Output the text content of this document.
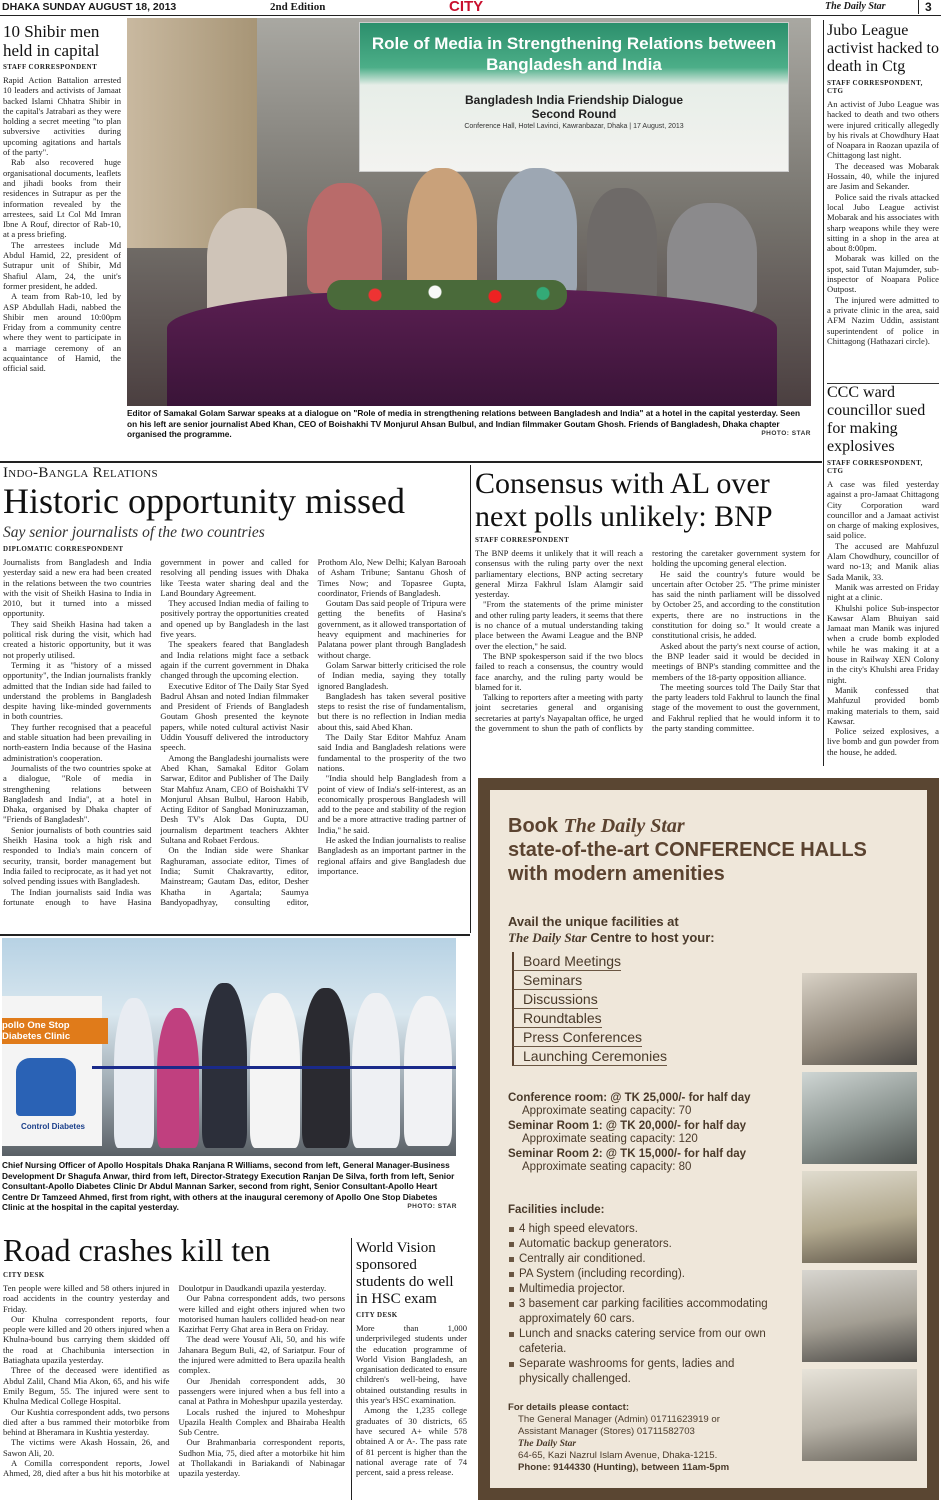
DHAKA SUNDAY AUGUST 18, 2013	2nd Edition	CITY	The Daily Star	3
10 Shibir men held in capital
STAFF CORRESPONDENT

Rapid Action Battalion arrested 10 leaders and activists of Jamaat backed Islami Chhatra Shibir in the capital's Jatrabari as they were holding a secret meeting "to plan subversive activities during upcoming agitations and hartals of the party".

Rab also recovered huge organisational documents, leaflets and jihadi books from their residences in Sutrapur as per the information revealed by the arrestees, said Lt Col Md Imran Ibne A Rouf, director of Rab-10, at a press briefing.

The arrestees include Md Abdul Hamid, 22, president of Sutrapur unit of Shibir, Md Shafiul Alam, 24, the unit's former president, he added.

A team from Rab-10, led by ASP Abdullah Hadi, nabbed the Shibir men around 10:00pm Friday from a community centre where they went to participate in a marriage ceremony of an acquaintance of Hamid, the official said.

Role of Media in Strengthening Relations between Bangladesh and India
Bangladesh India Friendship Dialogue
Second Round
Conference Hall, Hotel Lavinci, Kawranbazar, Dhaka | 17 August, 2013
Editor of Samakal Golam Sarwar speaks at a dialogue on "Role of media in strengthening relations between Bangladesh and India" at a hotel in the capital yesterday. Seen on his left are senior journalist Abed Khan, CEO of Boishakhi TV Monjurul Ahsan Bulbul, and Indian filmmaker Goutam Ghosh. Friends of Bangladesh, Dhaka chapter organised the programme.	PHOTO: STAR
Jubo League activist hacked to death in Ctg
STAFF CORRESPONDENT, CTG

An activist of Jubo League was hacked to death and two others were injured critically allegedly by his rivals at Chowdhury Haat of Noapara in Raozan upazila of Chittagong last night.

The deceased was Mobarak Hossain, 40, while the injured are Jasim and Sekander.

Police said the rivals attacked local Jubo League activist Mobarak and his associates with sharp weapons while they were sitting in a shop in the area at about 8:00pm.

Mobarak was killed on the spot, said Tutan Majumder, sub-inspector of Noapara Police Outpost.

The injured were admitted to a private clinic in the area, said AFM Nazim Uddin, assistant superintendent of police in Chittagong (Hathazari circle).

CCC ward councillor sued for making explosives
STAFF CORRESPONDENT, CTG

A case was filed yesterday against a pro-Jamaat Chittagong City Corporation ward councillor and a Jamaat activist on charge of making explosives, said police.

The accused are Mahfuzul Alam Chowdhury, councillor of ward no-13; and Manik alias Sada Manik, 33.

Manik was arrested on Friday night at a clinic.

Khulshi police Sub-inspector Kawsar Alam Bhuiyan said Jamaat man Manik was injured when a crude bomb exploded while he was making it at a house in Railway XEN Colony in the city's Khulshi area Friday night.

Manik confessed that Mahfuzul provided bomb making materials to them, said Kawsar.

Police seized explosives, a live bomb and gun powder from the house, he added.

Indo-Bangla Relations
Historic opportunity missed
Say senior journalists of the two countries
DIPLOMATIC CORRESPONDENT

Journalists from Bangladesh and India yesterday said a new era had been created in the relations between the two countries with the visit of Sheikh Hasina to India in 2010, but it turned into a missed opportunity.

They said Sheikh Hasina had taken a political risk during the visit, which had created a historic opportunity, but it was not properly utilised.

Terming it as "history of a missed opportunity", the Indian journalists frankly admitted that the Indian side had failed to understand the problems in Bangladesh despite having like-minded governments in both countries.

They further recognised that a peaceful and stable situation had been prevailing in north-eastern India because of the Hasina administration's cooperation.

Journalists of the two countries spoke at a dialogue, "Role of media in strengthening relations between Bangladesh and India", at a hotel in Dhaka, organised by Dhaka chapter of "Friends of Bangladesh".

Senior journalists of both countries said Sheikh Hasina took a high risk and responded to India's main concern of security, transit, border management but India failed to reciprocate, as it had yet not solved pending issues with Bangladesh.

The Indian journalists said India was fortunate enough to have Hasina government in power and called for resolving all pending issues with Dhaka like Teesta water sharing deal and the Land Boundary Agreement.

They accused Indian media of failing to positively portray the opportunities created and opened up by Bangladesh in the last five years.

The speakers feared that Bangladesh and India relations might face a setback again if the current government in Dhaka changed through the upcoming election.

Executive Editor of The Daily Star Syed Badrul Ahsan and noted Indian filmmaker and President of Friends of Bangladesh Goutam Ghosh presented the keynote papers, while noted cultural activist Nasir Uddin Yousuff delivered the introductory speech.

Among the Bangladeshi journalists were Abed Khan, Samakal Editor Golam Sarwar, Editor and Publisher of The Daily Star Mahfuz Anam, CEO of Boishakhi TV Monjurul Ahsan Bulbul, Haroon Habib, Acting Editor of Sangbad Moniruzzaman, Desh TV's Alok Das Gupta, DU journalism department teachers Akhter Sultana and Robaet Ferdous.

On the Indian side were Shankar Raghuraman, associate editor, Times of India; Sumit Chakravartty, editor, Mainstream; Gautam Das, editor, Desher Khatha in Agartala; Saumya Bandyopadhyay, consulting editor, Prothom Alo, New Delhi; Kalyan Barooah of Asham Tribune; Santanu Ghosh of Times Now; and Topasree Gupta, coordinator, Friends of Bangladesh.

Goutam Das said people of Tripura were getting the benefits of Hasina's government, as it allowed transportation of heavy equipment and machineries for Palatana power plant through Bangladesh without charge.

Golam Sarwar bitterly criticised the role of Indian media, saying they totally ignored Bangladesh.

Bangladesh has taken several positive steps to resist the rise of fundamentalism, but there is no reflection in Indian media about this, said Abed Khan.

The Daily Star Editor Mahfuz Anam said India and Bangladesh relations were fundamental to the prosperity of the two nations.

"India should help Bangladesh from a point of view of India's self-interest, as an economically prosperous Bangladesh will add to the peace and stability of the region and be a more attractive trading partner of India," he said.

He asked the Indian journalists to realise Bangladesh as an important partner in the regional affairs and give Bangladesh due importance.

Consensus with AL over next polls unlikely: BNP
STAFF CORRESPONDENT

The BNP deems it unlikely that it will reach a consensus with the ruling party over the next parliamentary elections, BNP acting secretary general Mirza Fakhrul Islam Alamgir said yesterday.

"From the statements of the prime minister and other ruling party leaders, it seems that there is no chance of a mutual understanding taking place between the Awami League and the BNP over the election," he said.

The BNP spokesperson said if the two blocs failed to reach a consensus, the country would face anarchy, and the ruling party would be blamed for it.

Talking to reporters after a meeting with party joint secretaries general and organising secretaries at party's Nayapaltan office, he urged the government to shun the path of conflicts by restoring the caretaker government system for holding the upcoming general election.

He said the country's future would be uncertain after October 25. "The prime minister has said the ninth parliament will be dissolved by October 25, and according to the constitution experts, there are no instructions in the constitution for doing so." It would create a constitutional crisis, he added.

Asked about the party's next course of action, the BNP leader said it would be decided in meetings of BNP's standing committee and the members of the 18-party opposition alliance.

The meeting sources told The Daily Star that the party leaders told Fakhrul to launch the final stage of the movement to oust the government, and Fakhrul replied that he would inform it to the party standing committee.

Book The Daily Star
state-of-the-art CONFERENCE HALLS
with modern amenities
Avail the unique facilities at
The Daily Star Centre to host your:
Board Meetings
Seminars
Discussions
Roundtables
Press Conferences
Launching Ceremonies
Conference room: @ TK 25,000/- for half day
Approximate seating capacity: 70
Seminar Room 1: @ TK 20,000/- for half day
Approximate seating capacity: 120
Seminar Room 2: @ TK 15,000/- for half day
Approximate seating capacity: 80
Facilities include:
4 high speed elevators.
Automatic backup generators.
Centrally air conditioned.
PA System (including recording).
Multimedia projector.
3 basement car parking facilities accommodating approximately 60 cars.
Lunch and snacks catering service from our own cafeteria.
Separate washrooms for gents, ladies and physically challenged.
For details please contact:
The General Manager (Admin) 01711623919 or
Assistant Manager (Stores) 01711582703
The Daily Star
64-65, Kazi Nazrul Islam Avenue, Dhaka-1215.
Phone: 9144330 (Hunting), between 11am-5pm
pollo One Stop Diabetes Clinic
Control Diabetes
Chief Nursing Officer of Apollo Hospitals Dhaka Ranjana R Williams, second from left, General Manager-Business Development Dr Shagufa Anwar, third from left, Director-Strategy Execution Ranjan De Silva, forth from left, Senior Consultant-Apollo Diabetes Clinic Dr Abdul Mannan Sarker, second from right, Senior Consultant-Apollo Heart Centre Dr Tamzeed Ahmed, first from right, with others at the inaugural ceremony of Apollo One Stop Diabetes Clinic at the hospital in the capital yesterday.	PHOTO: STAR
Road crashes kill ten
CITY DESK

Ten people were killed and 58 others injured in road accidents in the country yesterday and Friday.

Our Khulna correspondent reports, four people were killed and 20 others injured when a Khulna-bound bus carrying them skidded off the road at Chachibunia intersection in Batiaghata upazila yesterday.

Three of the deceased were identified as Abdul Zalil, Chand Mia Akon, 65, and his wife Emily Begum, 55. The injured were sent to Khulna Medical College Hospital.

Our Kushtia correspondent adds, two persons died after a bus rammed their motorbike from behind at Bheramara in Kushtia yesterday.

The victims were Akash Hossain, 26, and Sawon Ali, 20.

A Comilla correspondent reports, Jowel Ahmed, 28, died after a bus hit his motorbike at Doulotpur in Daudkandi upazila yesterday.

Our Pabna correspondent adds, two persons were killed and eight others injured when two motorised human haulers collided head-on near Kazirhat Ferry Ghat area in Bera on Friday.

The dead were Yousuf Ali, 50, and his wife Jahanara Begum Buli, 42, of Sariatpur. Four of the injured were admitted to Bera upazila health complex.

Our Jhenidah correspondent adds, 30 passengers were injured when a bus fell into a canal at Pathra in Moheshpur upazila yesterday.

Locals rushed the injured to Moheshpur Upazila Health Complex and Bhairaba Health Sub Centre.

Our Brahmanbaria correspondent reports, Sudhon Mia, 75, died after a motorbike hit him at Thollakandi in Bariakandi of Nabinagar upazila yesterday.

World Vision sponsored students do well in HSC exam
CITY DESK

More than 1,000 underprivileged students under the education programme of World Vision Bangladesh, an organisation dedicated to ensure children's well-being, have obtained outstanding results in this year's HSC examination.

Among the 1,235 college graduates of 30 districts, 65 have secured A+ while 578 obtained A or A-. The pass rate of 81 percent is higher than the national average rate of 74 percent, said a press release.
